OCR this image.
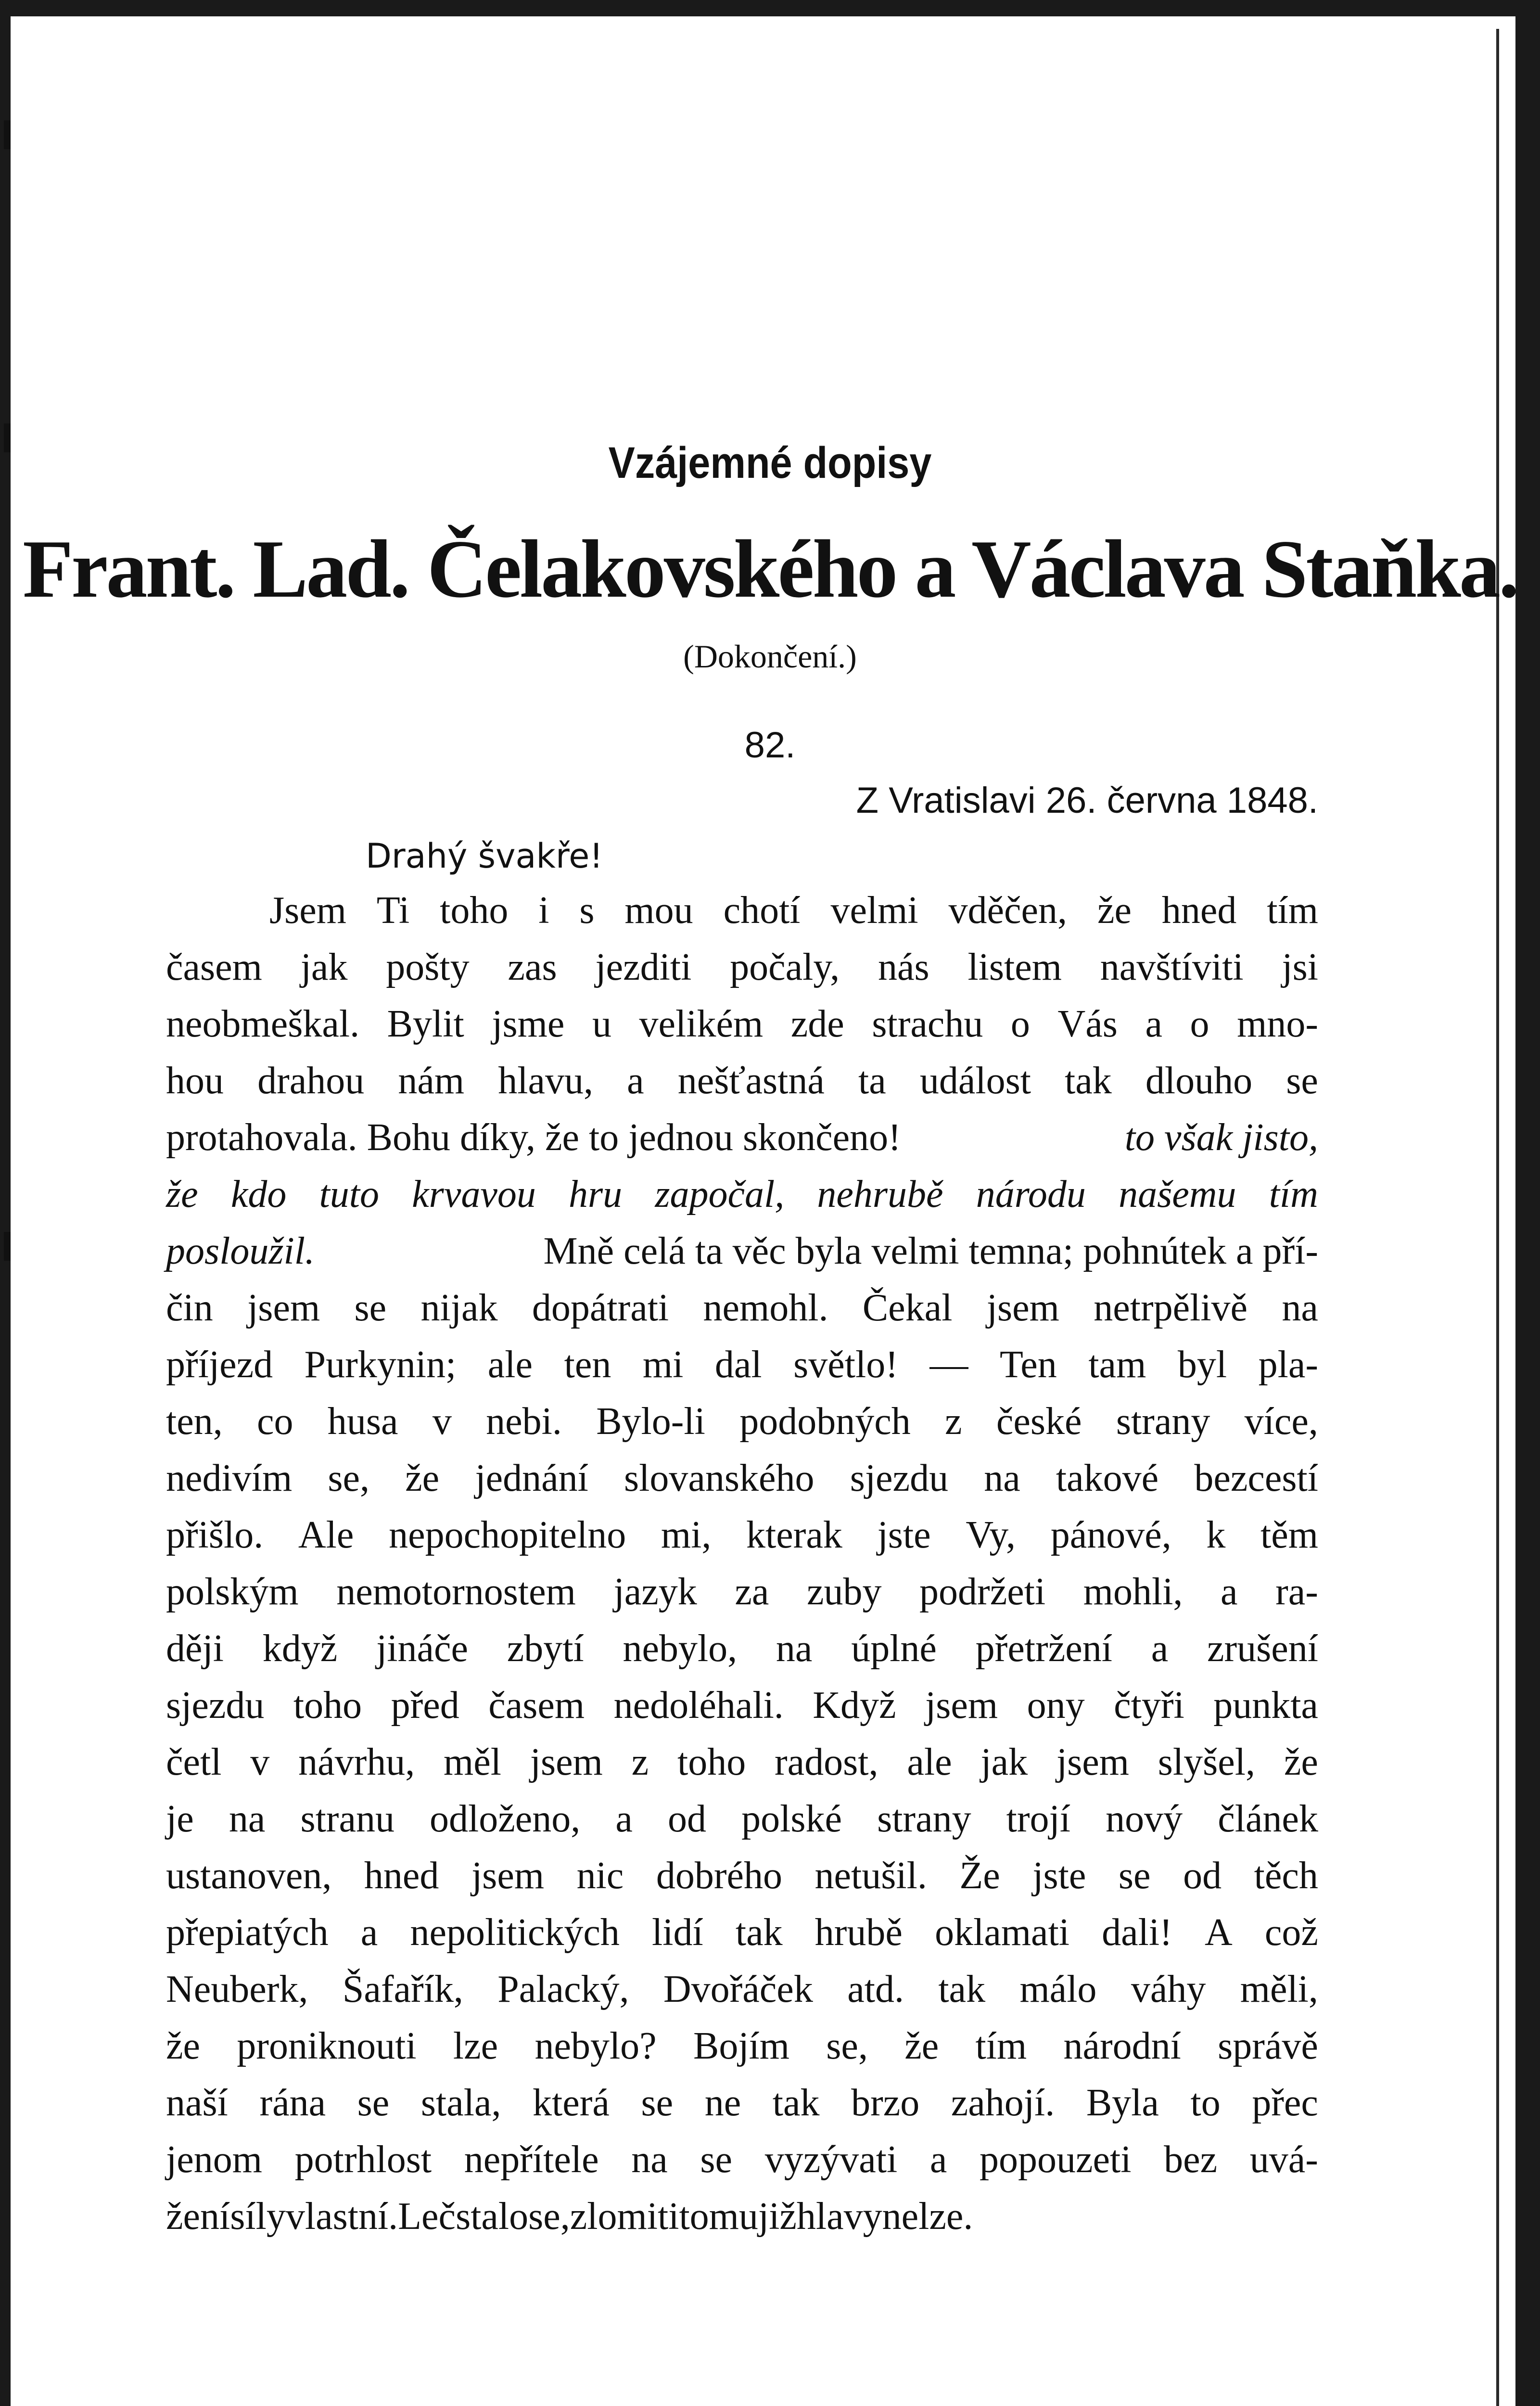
Vzájemné dopisy
Frant. Lad. Čelakovského a Václava Staňka.
(Dokončení.)
82.
Z Vratislavi 26. června 1848.
Drahý švakře!
Jsem Ti toho i s mou chotí velmi vděčen, že hned tím
časem jak pošty zas jezditi počaly, nás listem navštíviti jsi
neobmeškal. Bylit jsme u velikém zde strachu o Vás a o mno-
hou drahou nám hlavu, a nešťastná ta událost tak dlouho se
protahovala. Bohu díky, že to jednou skončeno!	to však jisto,
že kdo tuto krvavou hru započal, nehrubě národu našemu tím
posloužil.	Mně celá ta věc byla velmi temna; pohnútek a pří-
čin jsem se nijak dopátrati nemohl. Čekal jsem netrpělivě na
příjezd Purkynin; ale ten mi dal světlo! — Ten tam byl pla-
ten, co husa v nebi. Bylo-li podobných z české strany více,
nedivím se, že jednání slovanského sjezdu na takové bezcestí
přišlo. Ale nepochopitelno mi, kterak jste Vy, pánové, k těm
polským nemotornostem jazyk za zuby podržeti mohli, a ra-
ději když jináče zbytí nebylo, na úplné přetržení a zrušení
sjezdu toho před časem nedoléhali. Když jsem ony čtyři punkta
četl v návrhu, měl jsem z toho radost, ale jak jsem slyšel, že
je na stranu odloženo, a od polské strany trojí nový článek
ustanoven, hned jsem nic dobrého netušil. Že jste se od těch
přepiatých a nepolitických lidí tak hrubě oklamati dali! A což
Neuberk, Šafařík, Palacký, Dvořáček atd. tak málo váhy měli,
že proniknouti lze nebylo? Bojím se, že tím národní správě
naší rána se stala, která se ne tak brzo zahojí. Byla to přec
jenom potrhlost nepřítele na se vyzývati a popouzeti bez uvá-
žení síly vlastní. Leč stalo se, zlomiti tomu již hlavy nelze.
